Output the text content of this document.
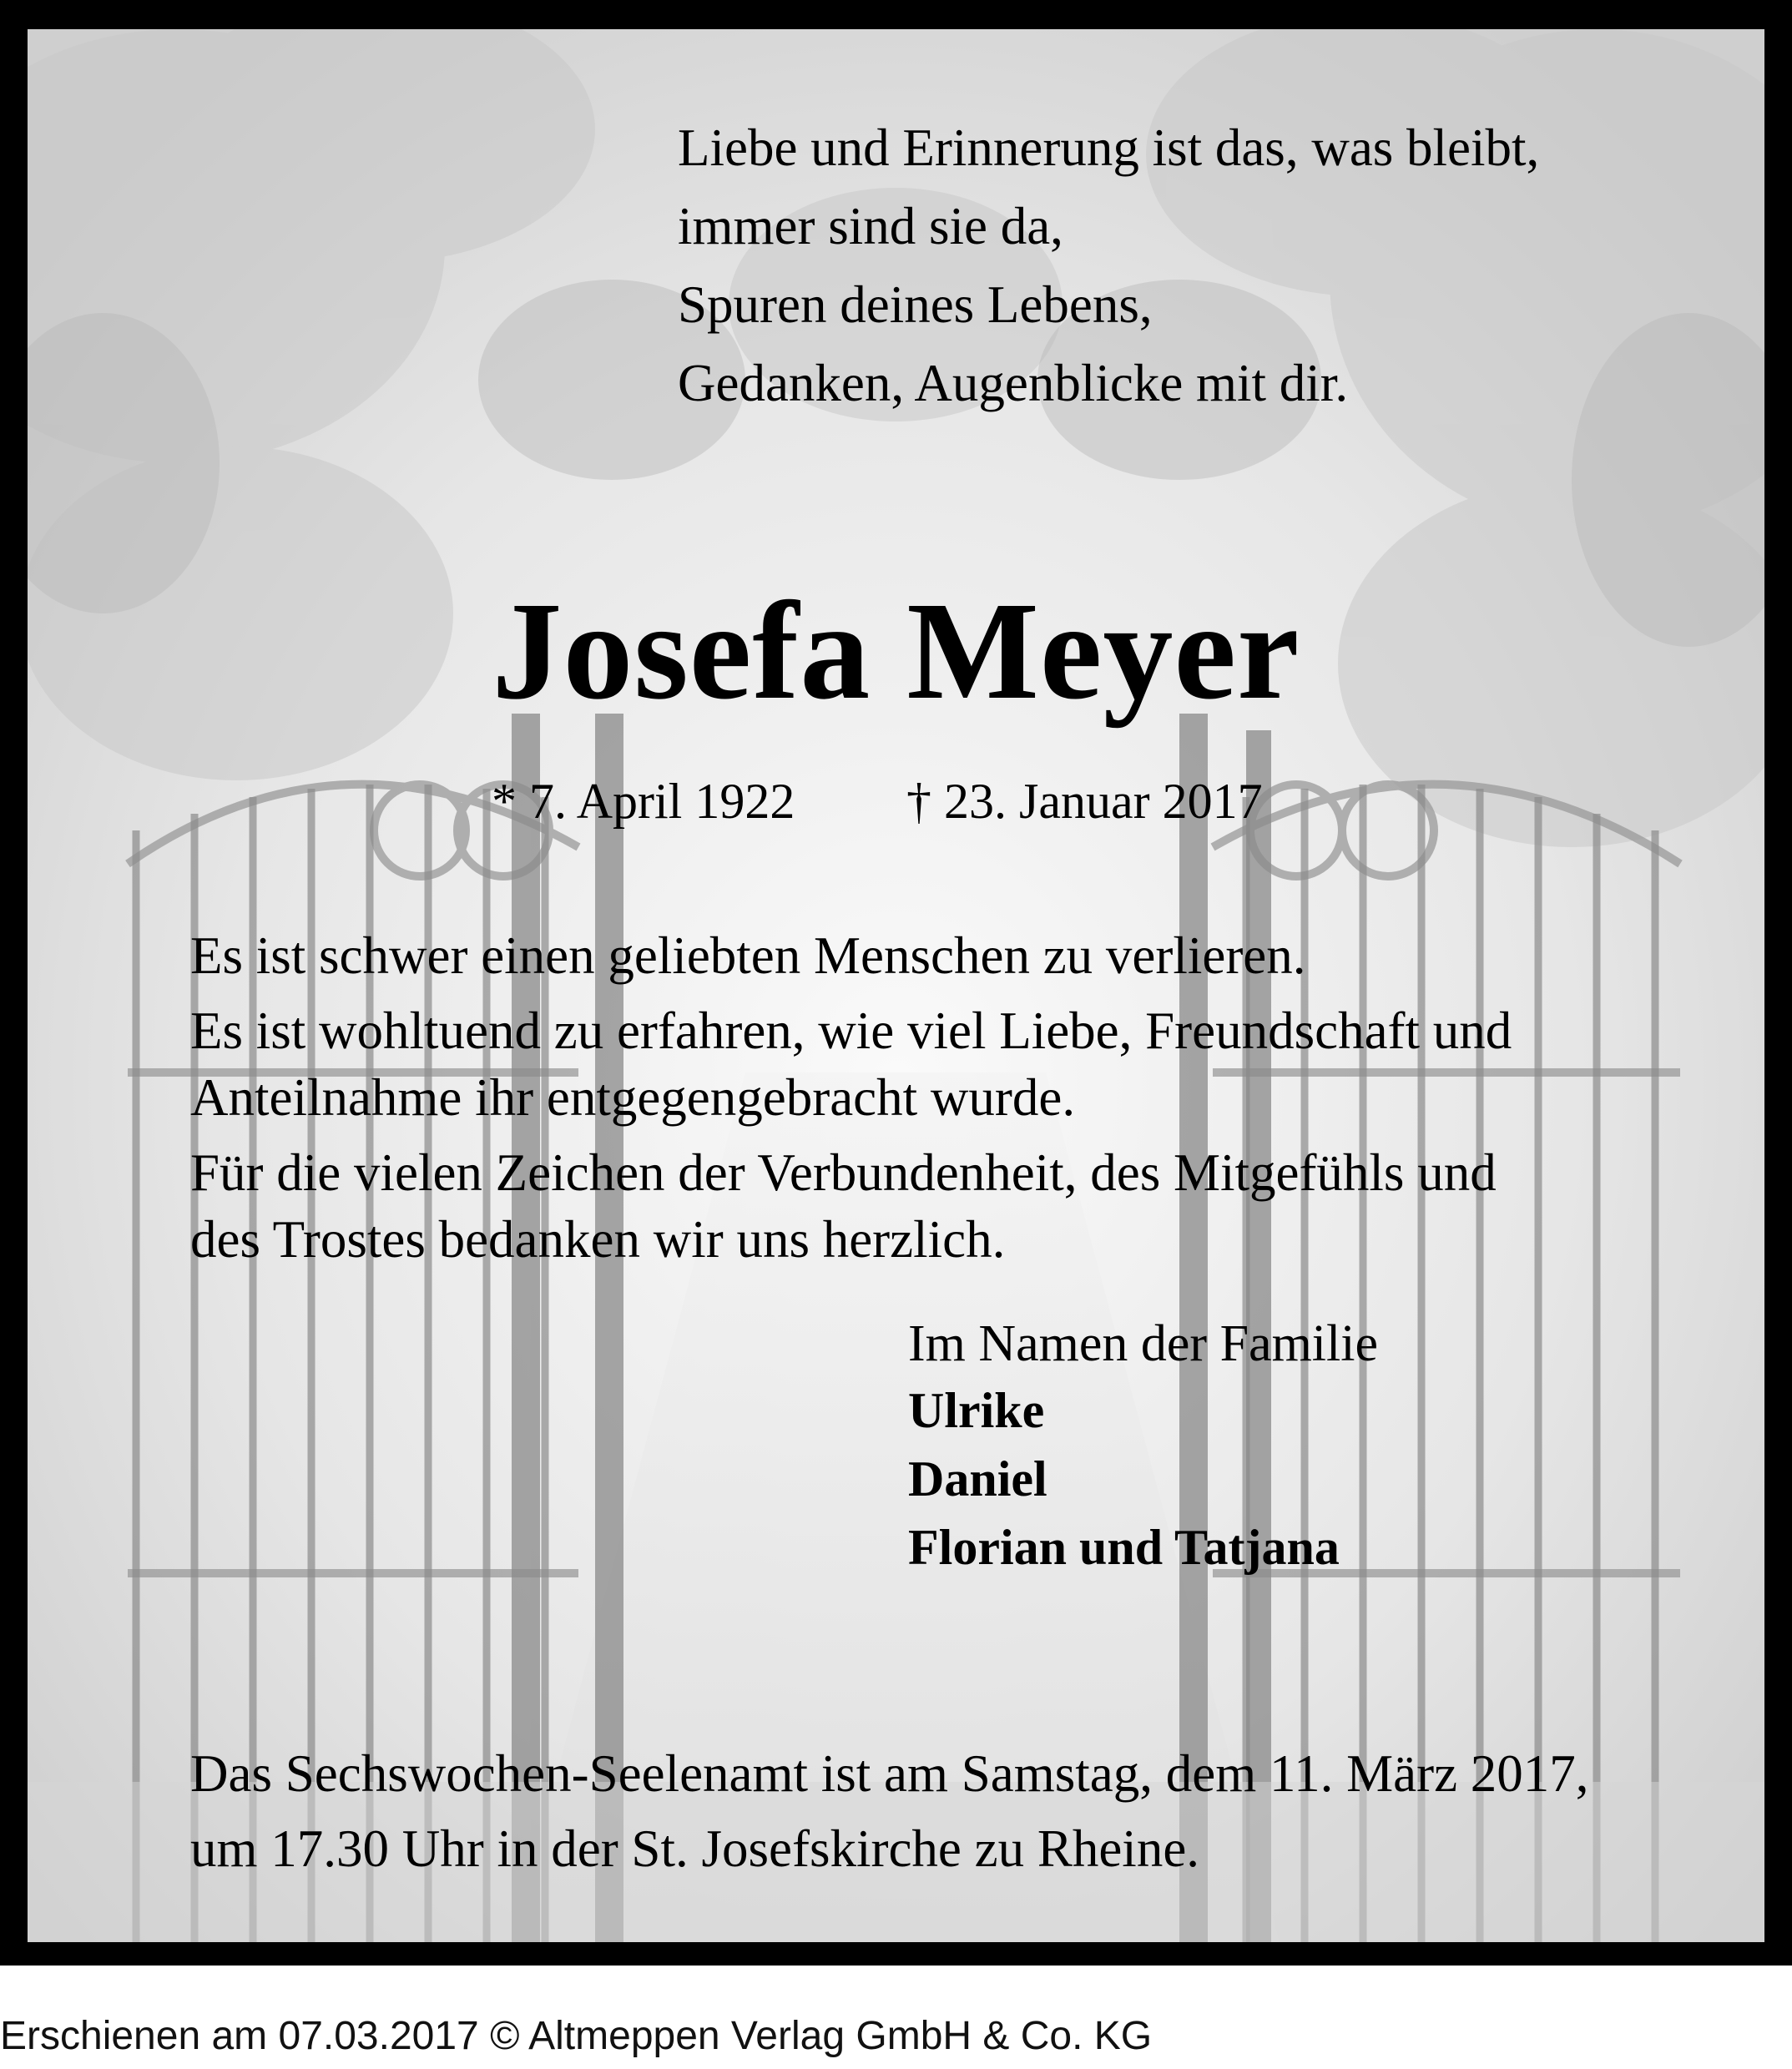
Liebe und Erinnerung ist das, was bleibt,
immer sind sie da,
Spuren deines Lebens,
Gedanken, Augenblicke mit dir.
Josefa Meyer
* 7. April 1922 † 23. Januar 2017
Es ist schwer einen geliebten Menschen zu verlieren.
Es ist wohltuend zu erfahren, wie viel Liebe, Freundschaft und
Anteilnahme ihr entgegengebracht wurde.
Für die vielen Zeichen der Verbundenheit, des Mitgefühls und
des Trostes bedanken wir uns herzlich.
Im Namen der Familie
Ulrike
Daniel
Florian und Tatjana
Das Sechswochen-Seelenamt ist am Samstag, dem 11. März 2017,
um 17.30 Uhr in der St. Josefskirche zu Rheine.
Erschienen am 07.03.2017 © Altmeppen Verlag GmbH & Co. KG
